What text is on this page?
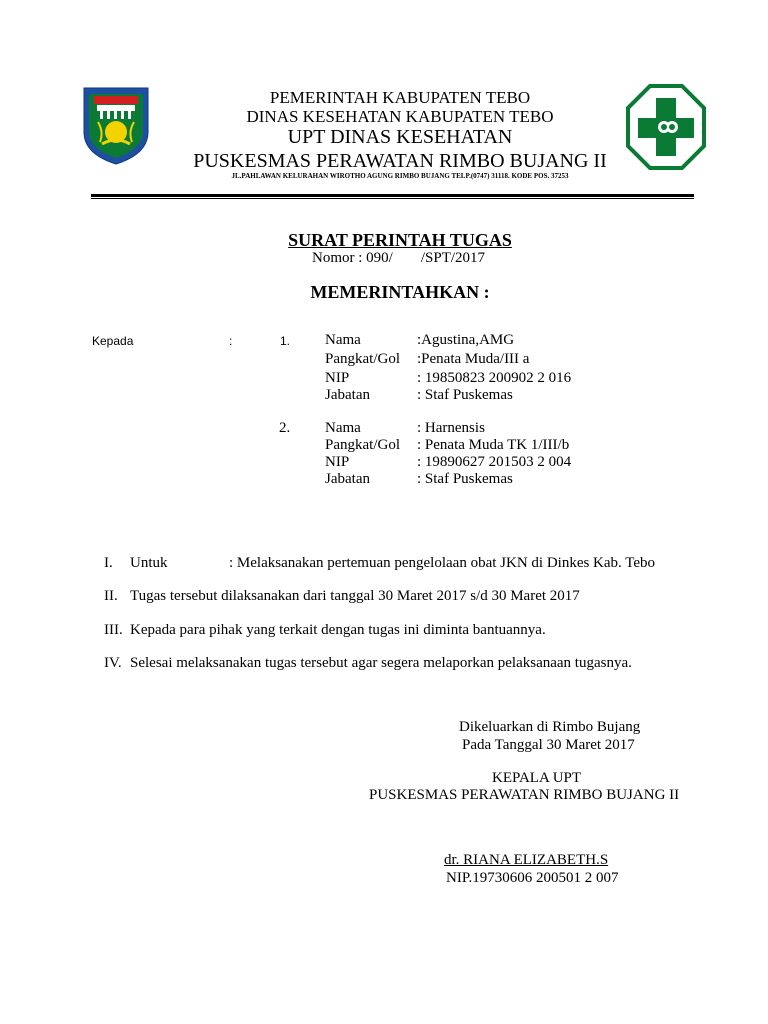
PEMERINTAH KABUPATEN TEBO
DINAS KESEHATAN KABUPATEN TEBO
UPT DINAS KESEHATAN
PUSKESMAS PERAWATAN RIMBO BUJANG II
JL.PAHLAWAN KELURAHAN WIROTHO AGUNG RIMBO BUJANG TELP.(0747) 31118. KODE POS. 37253
SURAT PERINTAH TUGAS
Nomor : 090/ /SPT/2017
MEMERINTAHKAN :
Kepada	:	1. Nama	:Agustina,AMG
Pangkat/Gol :Penata Muda/III a
NIP	: 19850823 200902 2 016
Jabatan	: Staf Puskemas
2. Nama	: Harnensis
Pangkat/Gol : Penata Muda TK 1/III/b
NIP	: 19890627 201503 2 004
Jabatan	: Staf Puskemas
I. Untuk	: Melaksanakan pertemuan pengelolaan obat JKN di Dinkes Kab. Tebo
II. Tugas tersebut dilaksanakan dari tanggal 30 Maret 2017 s/d 30 Maret 2017
III. Kepada para pihak yang terkait dengan tugas ini diminta bantuannya.
IV. Selesai melaksanakan tugas tersebut agar segera melaporkan pelaksanaan tugasnya.
Dikeluarkan di Rimbo Bujang
Pada Tanggal 30 Maret 2017
KEPALA UPT
PUSKESMAS PERAWATAN RIMBO BUJANG II
dr. RIANA ELIZABETH.S
NIP.19730606 200501 2 007
